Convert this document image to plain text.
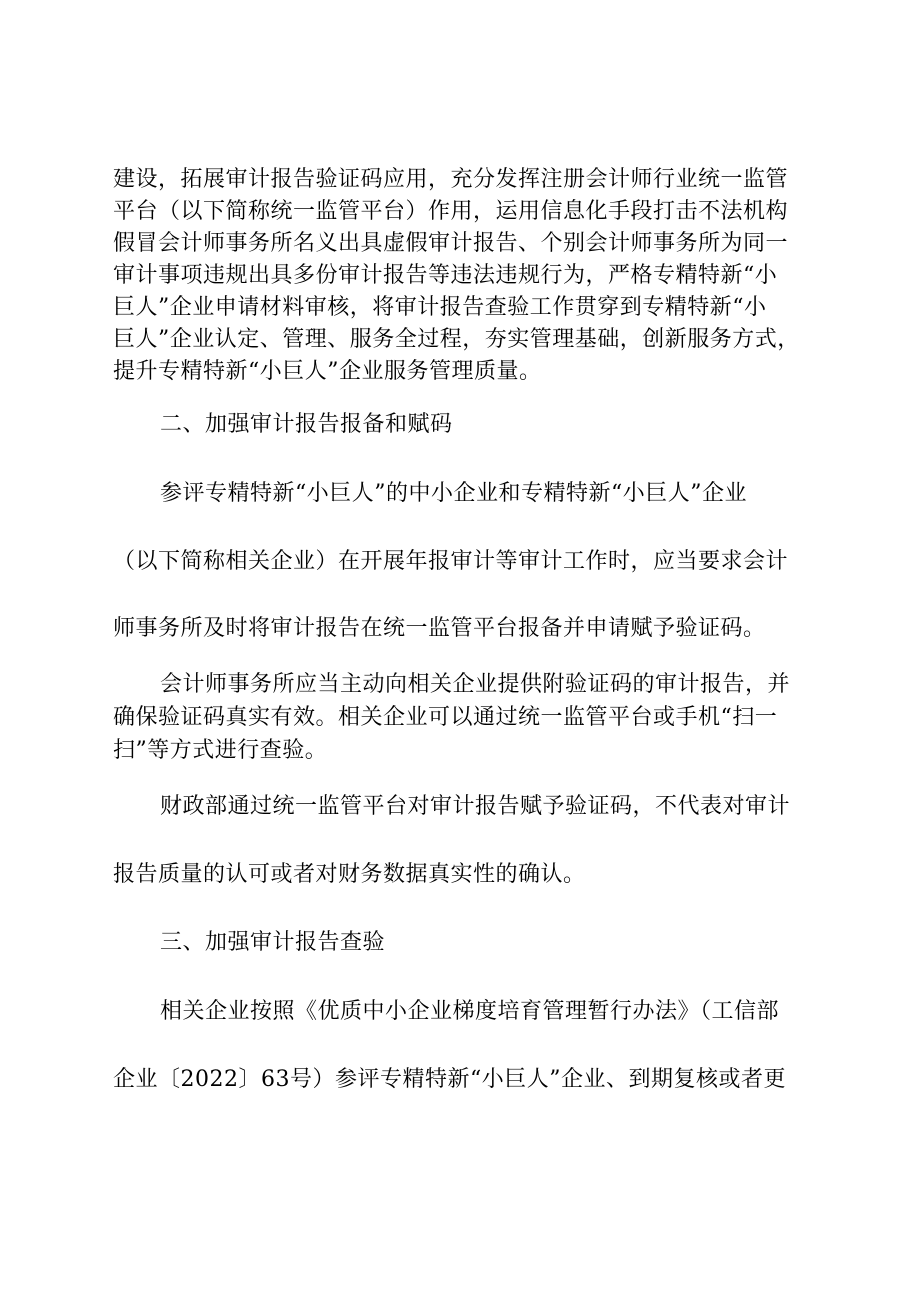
建设，拓展审计报告验证码应用，充分发挥注册会计师行业统一监管
平台（以下简称统一监管平台）作用，运用信息化手段打击不法机构
假冒会计师事务所名义出具虚假审计报告、个别会计师事务所为同一
审计事项违规出具多份审计报告等违法违规行为，严格专精特新“小
巨人”企业申请材料审核，将审计报告查验工作贯穿到专精特新“小
巨人”企业认定、管理、服务全过程，夯实管理基础，创新服务方式，
提升专精特新“小巨人”企业服务管理质量。
二、加强审计报告报备和赋码
参评专精特新“小巨人”的中小企业和专精特新“小巨人”企业
（以下简称相关企业）在开展年报审计等审计工作时，应当要求会计
师事务所及时将审计报告在统一监管平台报备并申请赋予验证码。
会计师事务所应当主动向相关企业提供附验证码的审计报告，并
确保验证码真实有效。相关企业可以通过统一监管平台或手机“扫一
扫”等方式进行查验。
财政部通过统一监管平台对审计报告赋予验证码，不代表对审计
报告质量的认可或者对财务数据真实性的确认。
三、加强审计报告查验
相关企业按照《优质中小企业梯度培育管理暂行办法》（工信部
企业〔2022〕63号）参评专精特新“小巨人”企业、到期复核或者更
